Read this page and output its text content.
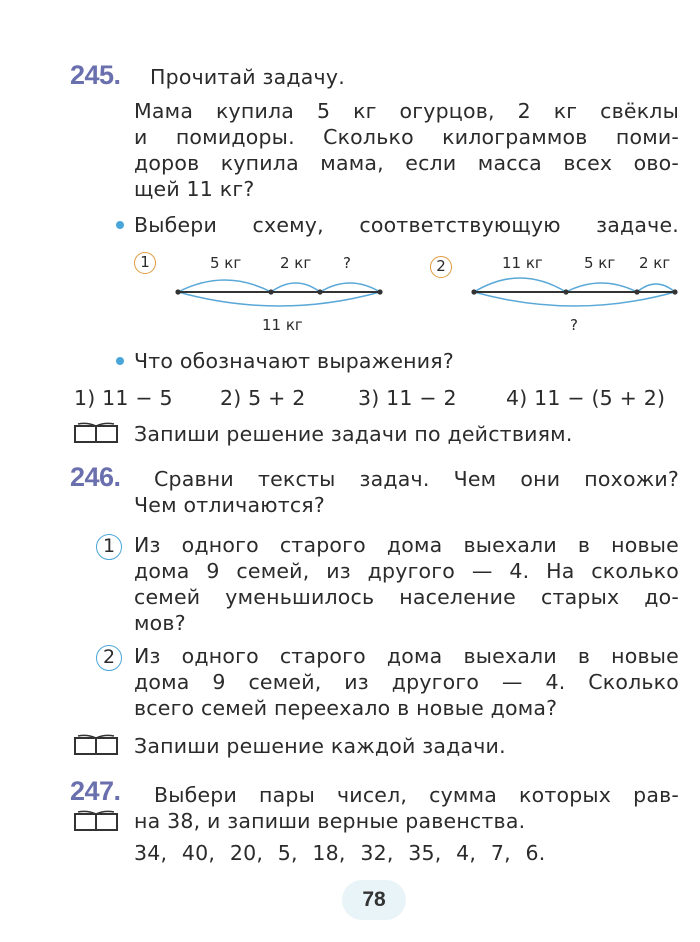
245. Прочитай задачу.
Мама купила 5 кг огурцов, 2 кг свёклы
и помидоры. Сколько килограммов поми-
доров купила мама, если масса всех ово-
щей 11 кг?
Выбери схему, соответствующую задаче.
1	5 кг	2 кг ?
11 кг
2	11 кг	5 кг 2 кг
?
Что обозначают выражения?
1) 11 − 5 2) 5 + 2	3) 11 − 2 4) 11 − (5 + 2)
Запиши решение задачи по действиям.
246. Сравни тексты задач. Чем они похожи?
Чем отличаются?
1 Из одного старого дома выехали в новые
дома 9 семей, из другого — 4. На сколько
семей уменьшилось население старых до-
мов?
2 Из одного старого дома выехали в новые
дома 9 семей, из другого — 4. Сколько
всего семей переехало в новые дома?
Запиши решение каждой задачи.
247. Выбери пары чисел, сумма которых рав-
на 38, и запиши верные равенства.
34, 40, 20, 5, 18, 32, 35, 4, 7, 6.
78
